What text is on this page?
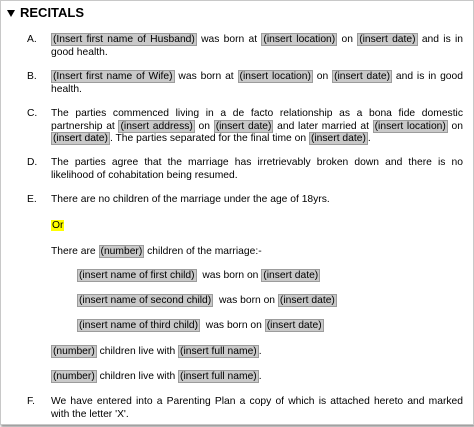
RECITALS
A.	(Insert first name of Husband) was born at (insert location) on (insert date) and is in good health.
B.	(Insert first name of Wife) was born at (insert location) on (insert date) and is in good health.
C.	The parties commenced living in a de facto relationship as a bona fide domestic partnership at (insert address) on (insert date) and later married at (insert location) on (insert date) . The parties separated for the final time on (insert date) .
D.	The parties agree that the marriage has irretrievably broken down and there is no likelihood of cohabitation being resumed.
E.	There are no children of the marriage under the age of 18yrs.
Or
There are (number) children of the marriage:-
(insert name of first child)  was born on (insert date)
(insert name of second child)  was born on (insert date)
(insert name of third child)  was born on (insert date)
(number) children live with (insert full name) .
(number) children live with (insert full name) .
F.	We have entered into a Parenting Plan a copy of which is attached hereto and marked with the letter 'X'.
